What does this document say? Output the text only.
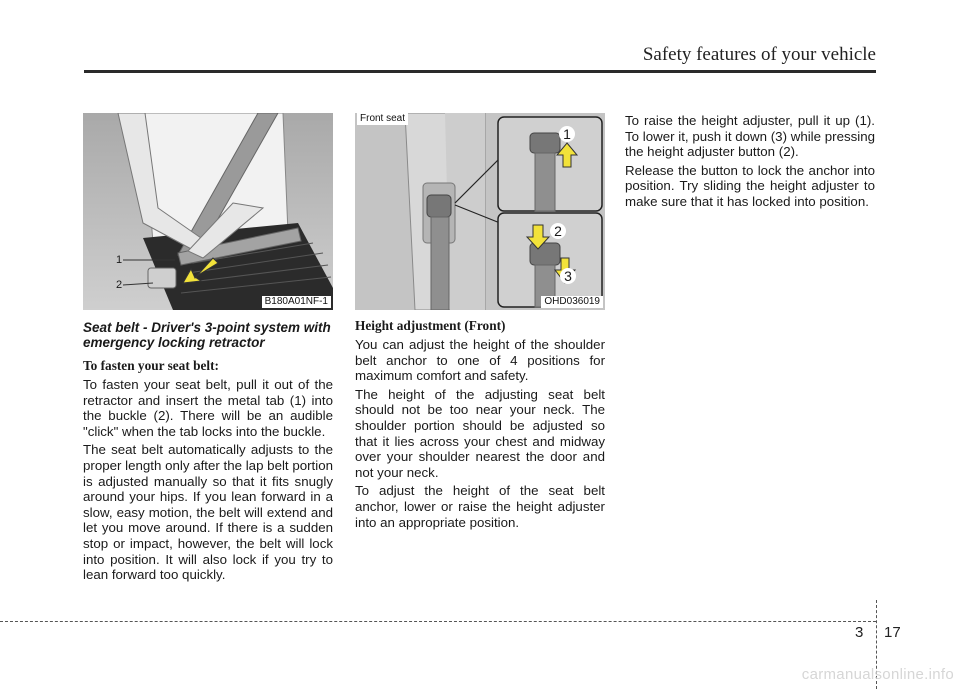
Safety features of your vehicle
1
2
B180A01NF-1
Seat belt - Driver's 3-point system with emergency locking retractor
To fasten your seat belt:

To fasten your seat belt, pull it out of the retractor and insert the metal tab (1) into the buckle (2). There will be an audible "click" when the tab locks into the buckle.

The seat belt automatically adjusts to the proper length only after the lap belt portion is adjusted manually so that it fits snugly around your hips. If you lean forward in a slow, easy motion, the belt will extend and let you move around. If there is a sudden stop or impact, however, the belt will lock into position. It will also lock if you try to lean forward too quickly.

Front seat
1
2
3
OHD036019
Height adjustment (Front)

You can adjust the height of the shoulder belt anchor to one of 4 positions for maximum comfort and safety.

The height of the adjusting seat belt should not be too near your neck. The shoulder portion should be adjusted so that it lies across your chest and midway over your shoulder nearest the door and not your neck.

To adjust the height of the seat belt anchor, lower or raise the height adjuster into an appropriate position.

To raise the height adjuster, pull it up (1). To lower it, push it down (3) while pressing the height adjuster button (2).

Release the button to lock the anchor into position. Try sliding the height adjuster to make sure that it has locked into position.

3 17
carmanualsonline.info
